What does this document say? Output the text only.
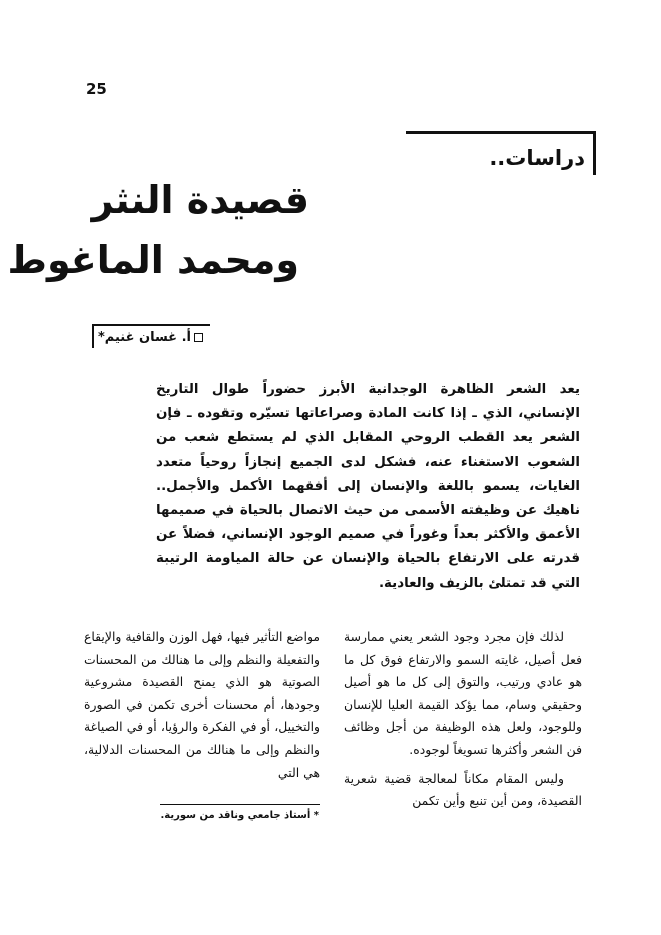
25
دراسات..
قصيدة النثر
ومحمد الماغوط
أ. غسان غنيم*
يعد الشعر الظاهرة الوجدانية الأبرز حضوراً طوال التاريخ الإنساني، الذي ـ إذا كانت المادة وصراعاتها تسيّره وتقوده ـ فإن الشعر يعد القطب الروحي المقابل الذي لم يستطع شعب من الشعوب الاستغناء عنه، فشكل لدى الجميع إنجازاً روحياً متعدد الغايات، يسمو باللغة والإنسان إلى أفقهما الأكمل والأجمل.. ناهيك عن وظيفته الأسمى من حيث الاتصال بالحياة في صميمها الأعمق والأكثر بعداً وغوراً في صميم الوجود الإنساني، فضلاً عن قدرته على الارتفاع بالحياة والإنسان عن حالة المياومة الرتيبة التي قد تمتلئ بالزيف والعادية.

لذلك فإن مجرد وجود الشعر يعني ممارسة فعل أصيل، غايته السمو والارتفاع فوق كل ما هو عادي ورتيب، والتوق إلى كل ما هو أصيل وحقيقي وسام، مما يؤكد القيمة العليا للإنسان وللوجود، ولعل هذه الوظيفة من أجل وظائف فن الشعر وأكثرها تسويغاً لوجوده.

وليس المقام مكاناً لمعالجة قضية شعرية القصيدة، ومن أين تنبع وأين تكمن

مواضع التأثير فيها، فهل الوزن والقافية والإيقاع والتفعيلة والنظم وإلى ما هنالك من المحسنات الصوتية هو الذي يمنح القصيدة مشروعية وجودها، أم محسنات أخرى تكمن في الصورة والتخييل، أو في الفكرة والرؤيا، أو في الصياغة والنظم وإلى ما هنالك من المحسنات الدلالية، هي التي

* أستاذ جامعي وناقد من سورية.
